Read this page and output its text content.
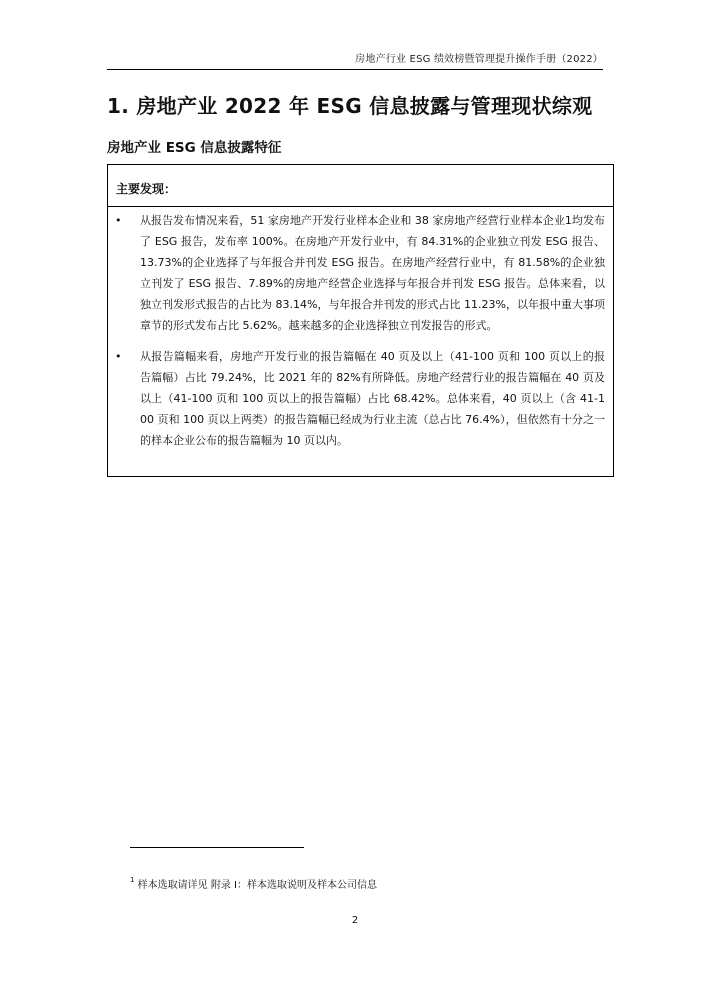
房地产行业 ESG 绩效榜暨管理提升操作手册（2022）
1. 房地产业 2022 年 ESG 信息披露与管理现状综观
房地产业 ESG 信息披露特征
主要发现：
• 从报告发布情况来看，51 家房地产开发行业样本企业和 38 家房地产经营行业样本企业1均发布了 ESG 报告，发布率 100%。在房地产开发行业中，有 84.31%的企业独立刊发 ESG 报告、13.73%的企业选择了与年报合并刊发 ESG 报告。在房地产经营行业中，有 81.58%的企业独立刊发了 ESG 报告、7.89%的房地产经营企业选择与年报合并刊发 ESG 报告。总体来看，以独立刊发形式报告的占比为 83.14%，与年报合并刊发的形式占比 11.23%，以年报中重大事项章节的形式发布占比 5.62%。越来越多的企业选择独立刊发报告的形式。
• 从报告篇幅来看，房地产开发行业的报告篇幅在 40 页及以上（41-100 页和 100 页以上的报告篇幅）占比 79.24%，比 2021 年的 82%有所降低。房地产经营行业的报告篇幅在 40 页及以上（41-100 页和 100 页以上的报告篇幅）占比 68.42%。总体来看，40 页以上（含 41-100 页和 100 页以上两类）的报告篇幅已经成为行业主流（总占比 76.4%），但依然有十分之一的样本企业公布的报告篇幅为 10 页以内。
$^1$ 样本选取请详见 附录 I：样本选取说明及样本公司信息
2
